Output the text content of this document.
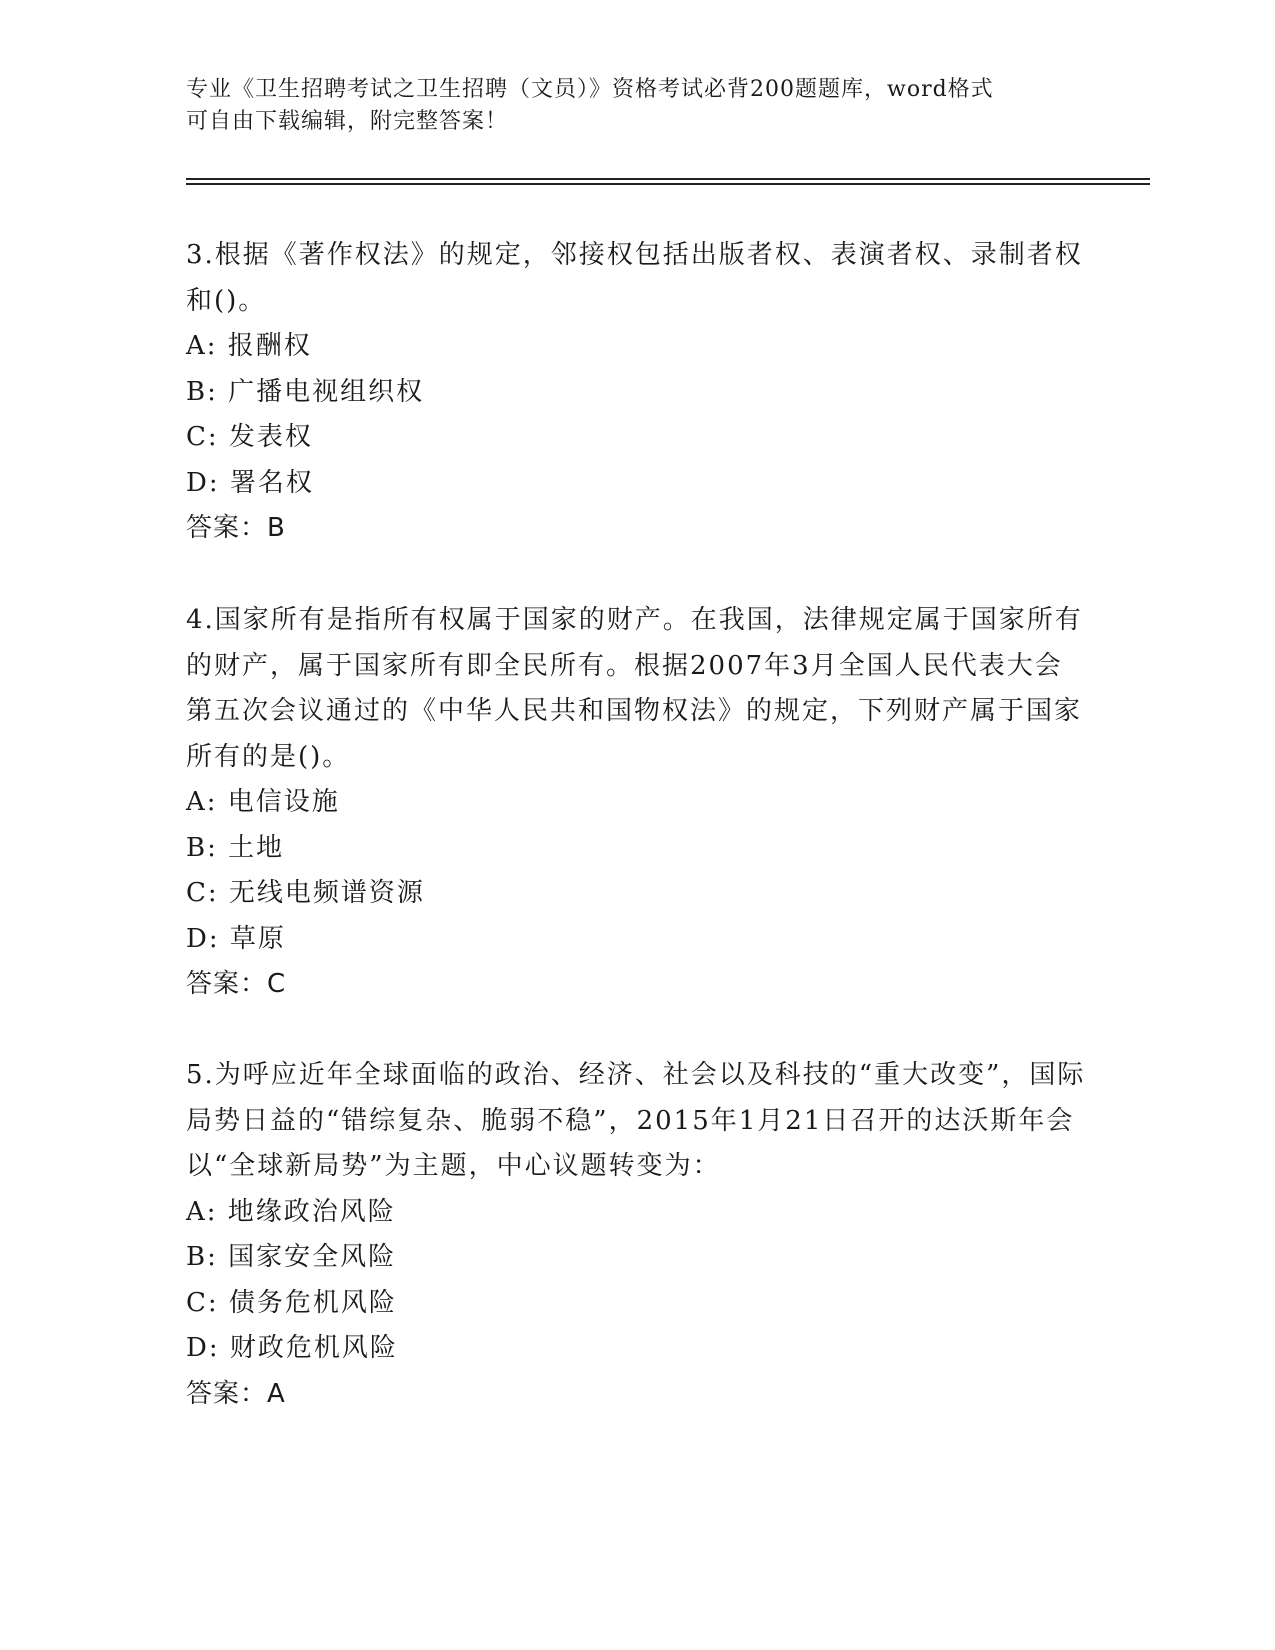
专业《卫生招聘考试之卫生招聘（文员）》资格考试必背200题题库，word格式
可自由下载编辑，附完整答案！
3.根据《著作权法》的规定，邻接权包括出版者权、表演者权、录制者权和()。
A: 报酬权
B: 广播电视组织权
C: 发表权
D: 署名权
答案：B
4.国家所有是指所有权属于国家的财产。在我国，法律规定属于国家所有的财产，属于国家所有即全民所有。根据2007年3月全国人民代表大会第五次会议通过的《中华人民共和国物权法》的规定，下列财产属于国家所有的是()。
A: 电信设施
B: 土地
C: 无线电频谱资源
D: 草原
答案：C
5.为呼应近年全球面临的政治、经济、社会以及科技的“重大改变”，国际局势日益的“错综复杂、脆弱不稳”，2015年1月21日召开的达沃斯年会以“全球新局势”为主题，中心议题转变为：
A: 地缘政治风险
B: 国家安全风险
C: 债务危机风险
D: 财政危机风险
答案：A
